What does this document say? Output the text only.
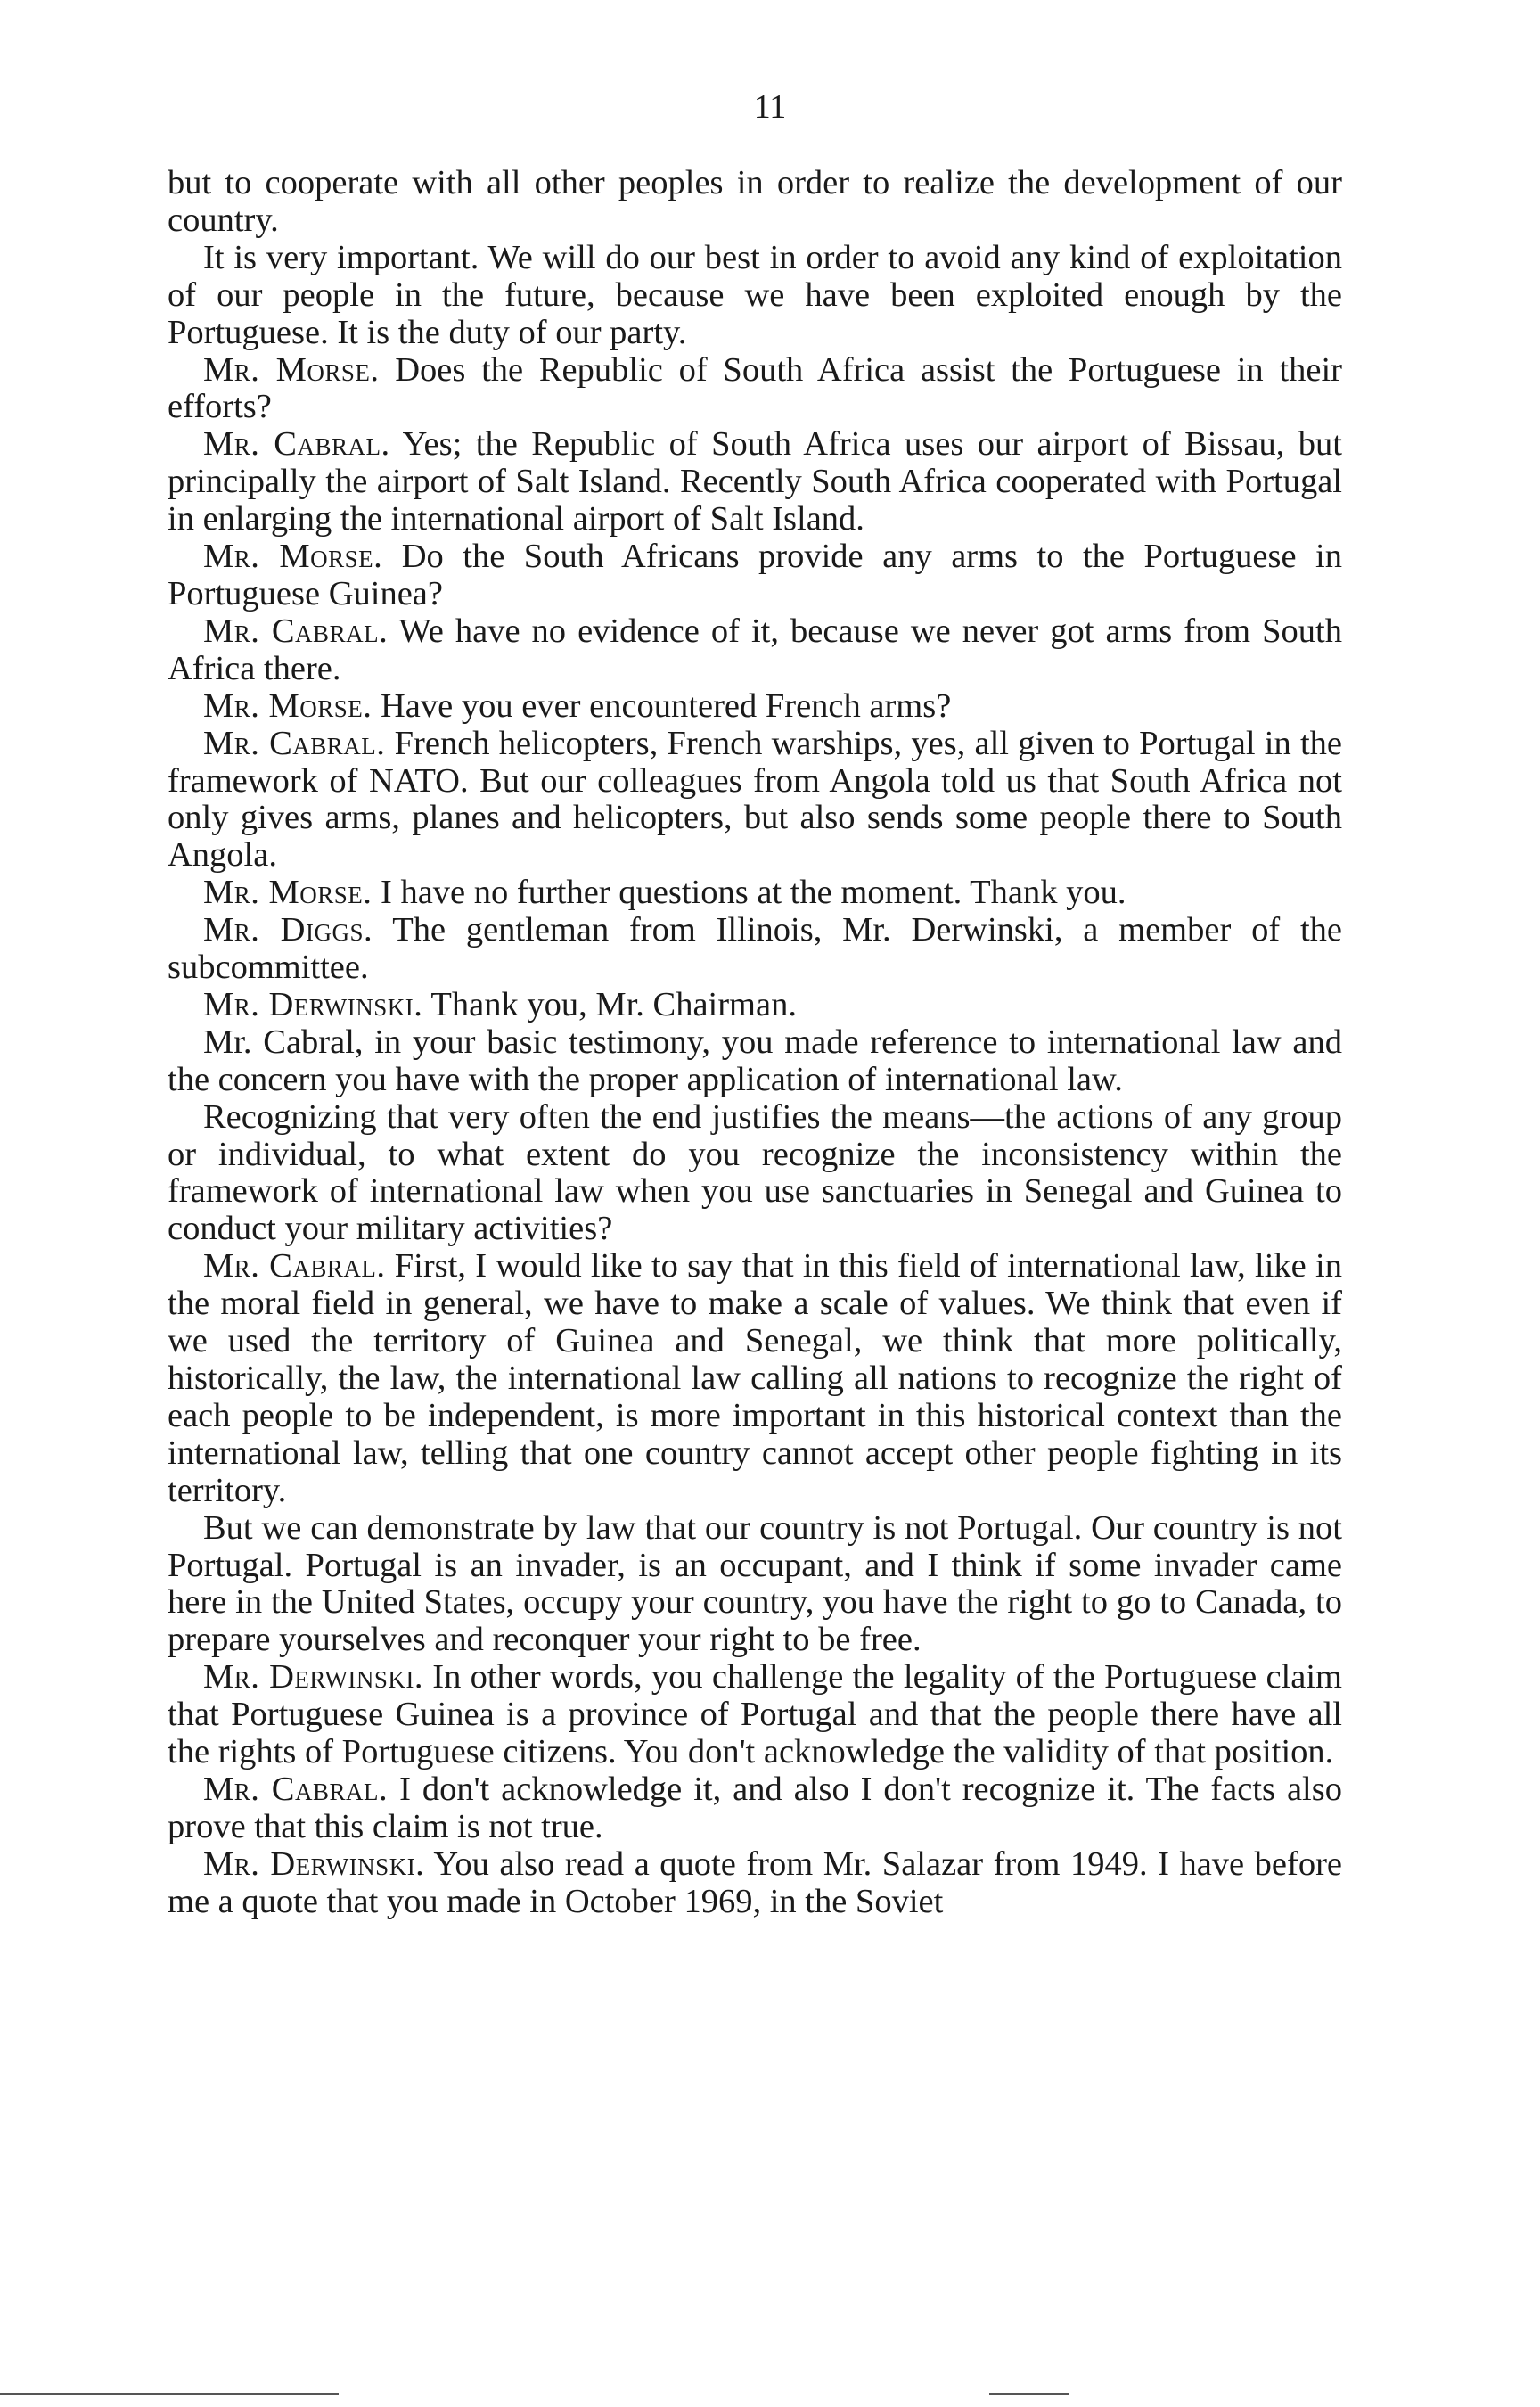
11

but to cooperate with all other peoples in order to realize the development of our country.

It is very important. We will do our best in order to avoid any kind of exploitation of our people in the future, because we have been exploited enough by the Portuguese. It is the duty of our party.

Mr. Morse. Does the Republic of South Africa assist the Portuguese in their efforts?

Mr. Cabral. Yes; the Republic of South Africa uses our airport of Bissau, but principally the airport of Salt Island. Recently South Africa cooperated with Portugal in enlarging the international airport of Salt Island.

Mr. Morse. Do the South Africans provide any arms to the Portuguese in Portuguese Guinea?

Mr. Cabral. We have no evidence of it, because we never got arms from South Africa there.

Mr. Morse. Have you ever encountered French arms?

Mr. Cabral. French helicopters, French warships, yes, all given to Portugal in the framework of NATO. But our colleagues from Angola told us that South Africa not only gives arms, planes and helicopters, but also sends some people there to South Angola.

Mr. Morse. I have no further questions at the moment. Thank you.

Mr. Diggs. The gentleman from Illinois, Mr. Derwinski, a member of the subcommittee.

Mr. Derwinski. Thank you, Mr. Chairman.

Mr. Cabral, in your basic testimony, you made reference to international law and the concern you have with the proper application of international law.

Recognizing that very often the end justifies the means—the actions of any group or individual, to what extent do you recognize the inconsistency within the framework of international law when you use sanctuaries in Senegal and Guinea to conduct your military activities?

Mr. Cabral. First, I would like to say that in this field of international law, like in the moral field in general, we have to make a scale of values. We think that even if we used the territory of Guinea and Senegal, we think that more politically, historically, the law, the international law calling all nations to recognize the right of each people to be independent, is more important in this historical context than the international law, telling that one country cannot accept other people fighting in its territory.

But we can demonstrate by law that our country is not Portugal. Our country is not Portugal. Portugal is an invader, is an occupant, and I think if some invader came here in the United States, occupy your country, you have the right to go to Canada, to prepare yourselves and reconquer your right to be free.

Mr. Derwinski. In other words, you challenge the legality of the Portuguese claim that Portuguese Guinea is a province of Portugal and that the people there have all the rights of Portuguese citizens. You don't acknowledge the validity of that position.

Mr. Cabral. I don't acknowledge it, and also I don't recognize it. The facts also prove that this claim is not true.

Mr. Derwinski. You also read a quote from Mr. Salazar from 1949. I have before me a quote that you made in October 1969, in the Soviet
